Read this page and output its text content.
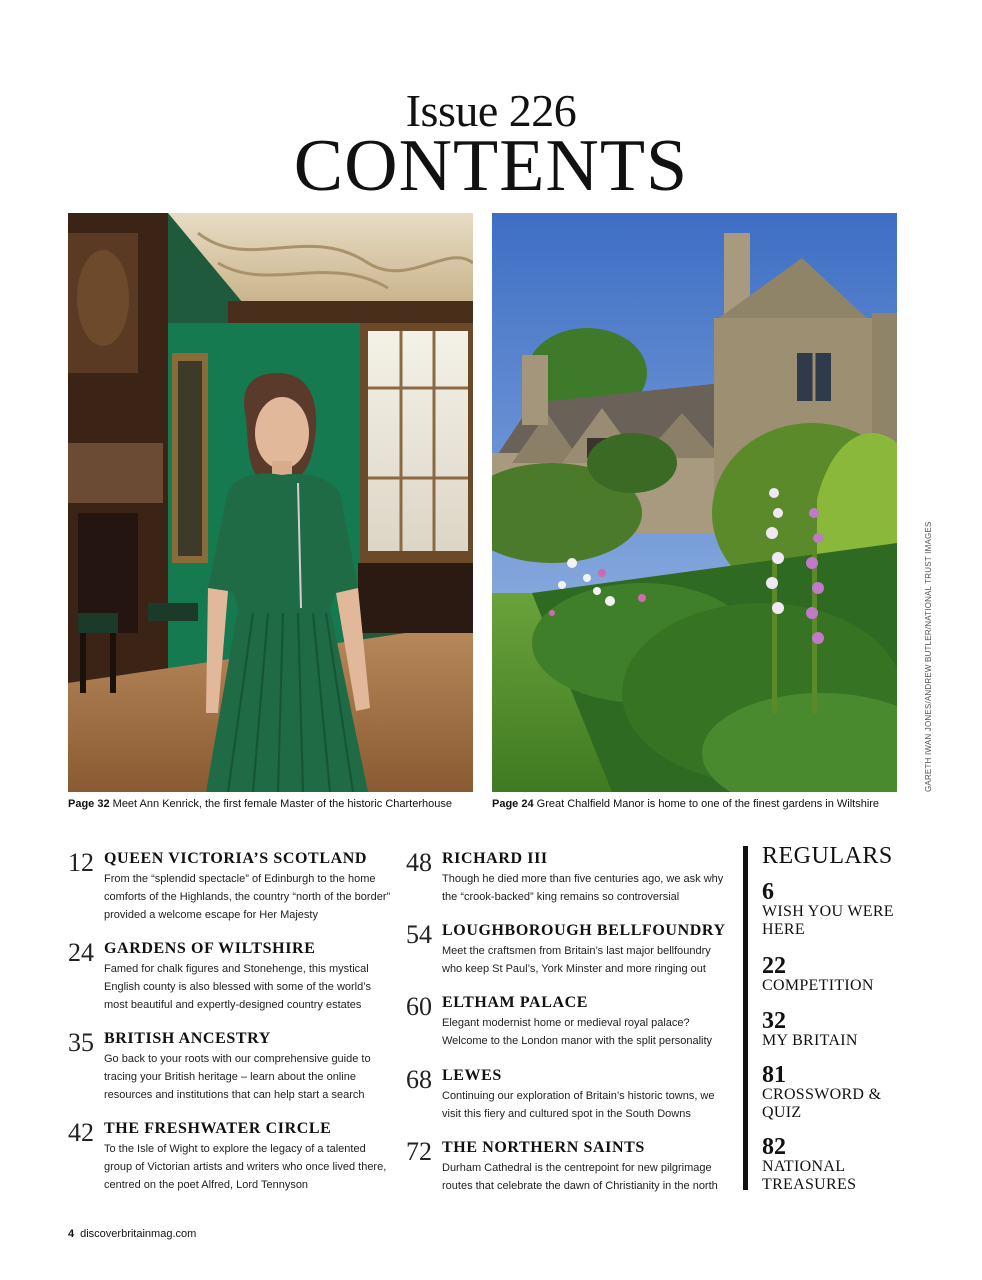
Issue 226
CONTENTS
GARETH IWAN JONES/ANDREW BUTLER/NATIONAL TRUST IMAGES
Page 32 Meet Ann Kenrick, the first female Master of the historic Charterhouse	Page 24 Great Chalfield Manor is home to one of the finest gardens in Wiltshire
12 QUEEN VICTORIA’S SCOTLAND
From the “splendid spectacle” of Edinburgh to the home comforts of the Highlands, the country “north of the border” provided a welcome escape for Her Majesty
24 GARDENS OF WILTSHIRE
Famed for chalk figures and Stonehenge, this mystical English county is also blessed with some of the world’s most beautiful and expertly-designed country estates
35 BRITISH ANCESTRY
Go back to your roots with our comprehensive guide to tracing your British heritage – learn about the online resources and institutions that can help start a search
42 THE FRESHWATER CIRCLE
To the Isle of Wight to explore the legacy of a talented group of Victorian artists and writers who once lived there, centred on the poet Alfred, Lord Tennyson
48 RICHARD III
Though he died more than five centuries ago, we ask why the “crook-backed” king remains so controversial
54 LOUGHBOROUGH BELLFOUNDRY
Meet the craftsmen from Britain’s last major bellfoundry who keep St Paul’s, York Minster and more ringing out
60 ELTHAM PALACE
Elegant modernist home or medieval royal palace? Welcome to the London manor with the split personality
68 LEWES
Continuing our exploration of Britain’s historic towns, we visit this fiery and cultured spot in the South Downs
72 THE NORTHERN SAINTS
Durham Cathedral is the centrepoint for new pilgrimage routes that celebrate the dawn of Christianity in the north
REGULARS
6
WISH YOU WERE HERE
22
COMPETITION
32
MY BRITAIN
81
CROSSWORD & QUIZ
82
NATIONAL TREASURES
4 discoverbritainmag.com
